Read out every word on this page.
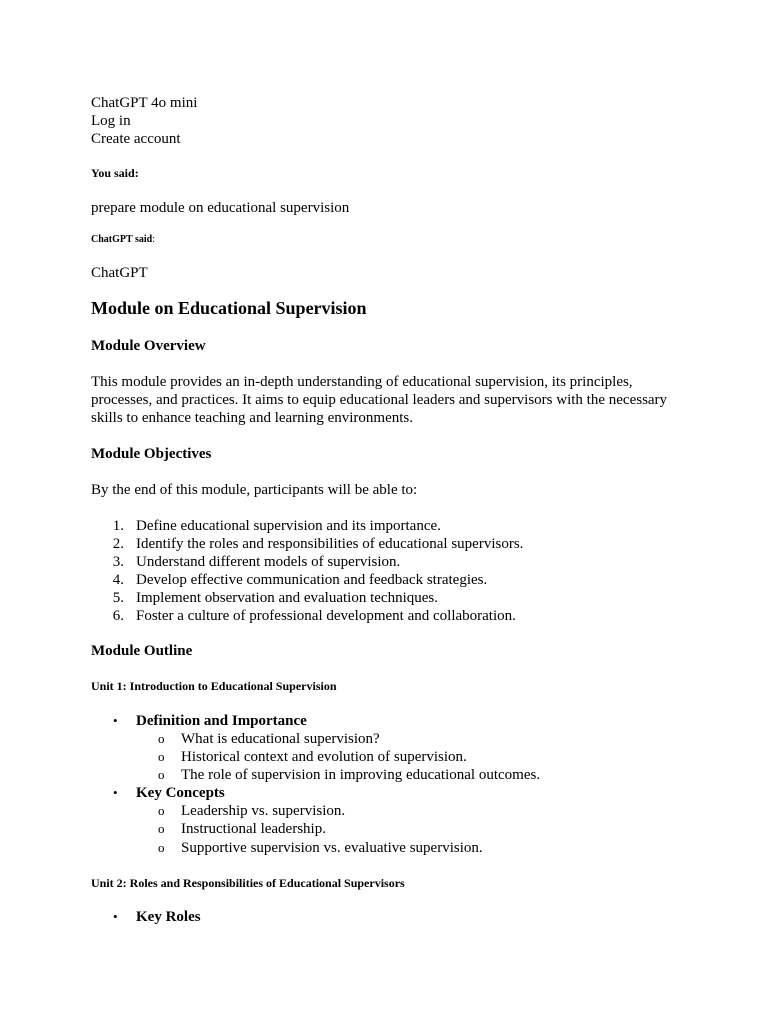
ChatGPT 4o mini
Log in
Create account
You said:
prepare module on educational supervision
ChatGPT said:
ChatGPT
Module on Educational Supervision
Module Overview
This module provides an in-depth understanding of educational supervision, its principles, processes, and practices. It aims to equip educational leaders and supervisors with the necessary skills to enhance teaching and learning environments.
Module Objectives
By the end of this module, participants will be able to:
1. Define educational supervision and its importance.
2. Identify the roles and responsibilities of educational supervisors.
3. Understand different models of supervision.
4. Develop effective communication and feedback strategies.
5. Implement observation and evaluation techniques.
6. Foster a culture of professional development and collaboration.
Module Outline
Unit 1: Introduction to Educational Supervision
• Definition and Importance
o What is educational supervision?
o Historical context and evolution of supervision.
o The role of supervision in improving educational outcomes.
• Key Concepts
o Leadership vs. supervision.
o Instructional leadership.
o Supportive supervision vs. evaluative supervision.
Unit 2: Roles and Responsibilities of Educational Supervisors
• Key Roles
